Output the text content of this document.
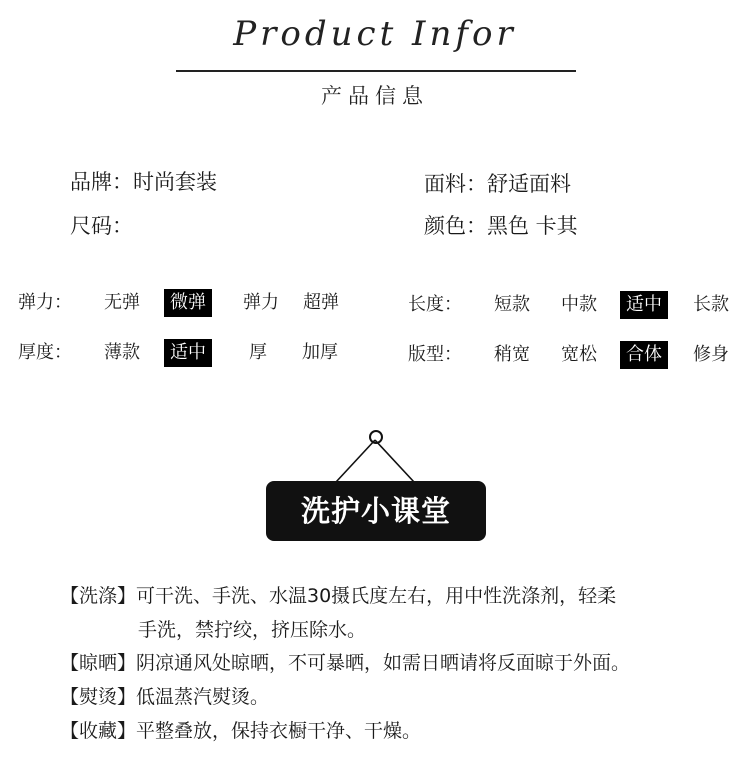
Product Infor
产品信息
品牌：时尚套装	面料：舒适面料
尺码：	颜色：黑色 卡其
弹力： 无弹	微弹	弹力 超弹	长度： 短款 中款	适中	长款
厚度： 薄款	适中	厚 加厚	版型： 稍宽 宽松	合体	修身
洗护小课堂
【洗涤】可干洗、手洗、水温30摄氏度左右，用中性洗涤剂，轻柔
手洗，禁拧绞，挤压除水。
【晾晒】阴凉通风处晾晒，不可暴晒，如需日晒请将反面晾于外面。
【熨烫】低温蒸汽熨烫。
【收藏】平整叠放，保持衣橱干净、干燥。
